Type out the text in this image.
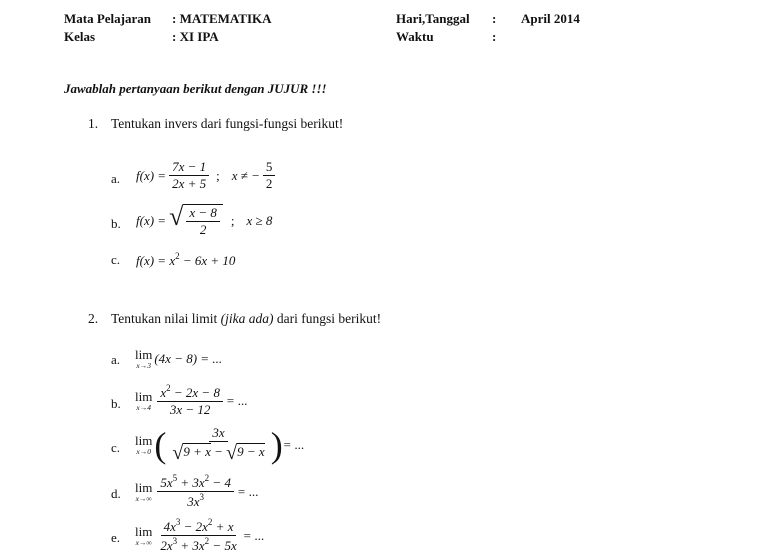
Mata Pelajaran : MATEMATIKA
Kelas	: XI IPA
Hari,Tanggal : April 2014
Waktu	:
Jawablah pertanyaan berikut dengan JUJUR !!!
1. Tentukan invers dari fungsi-fungsi berikut!
a. $f(x) = \frac{7x - 1}{2x + 5}$ ; x ≠ − $\frac{5}{2}$
b. f(x) = √ $\frac{x - 8}{2}$ ; x ≥ 8
c. $f(x) = x^2 - 6x + 10$
2. Tentukan nilai limit (jika ada) dari fungsi berikut!
a. lim
x→3 (4x − 8) = ...
b. lim
$x\to 4 \frac{x^2 - 2x - 8}{3x - 12}$ = ...
c. lim
x→0 ( $\frac{3x}{√ 9 + x - √ 9 - x}$ ) = ...
d. lim
$x\to\infty \frac{5x^5 + 3x^2 - 4}{3x^3}$ = ...
e. lim
$x\to\infty \frac{4x^3 - 2x^2 + x}{2x^3 + 3x^2 - 5x}$ = ...
